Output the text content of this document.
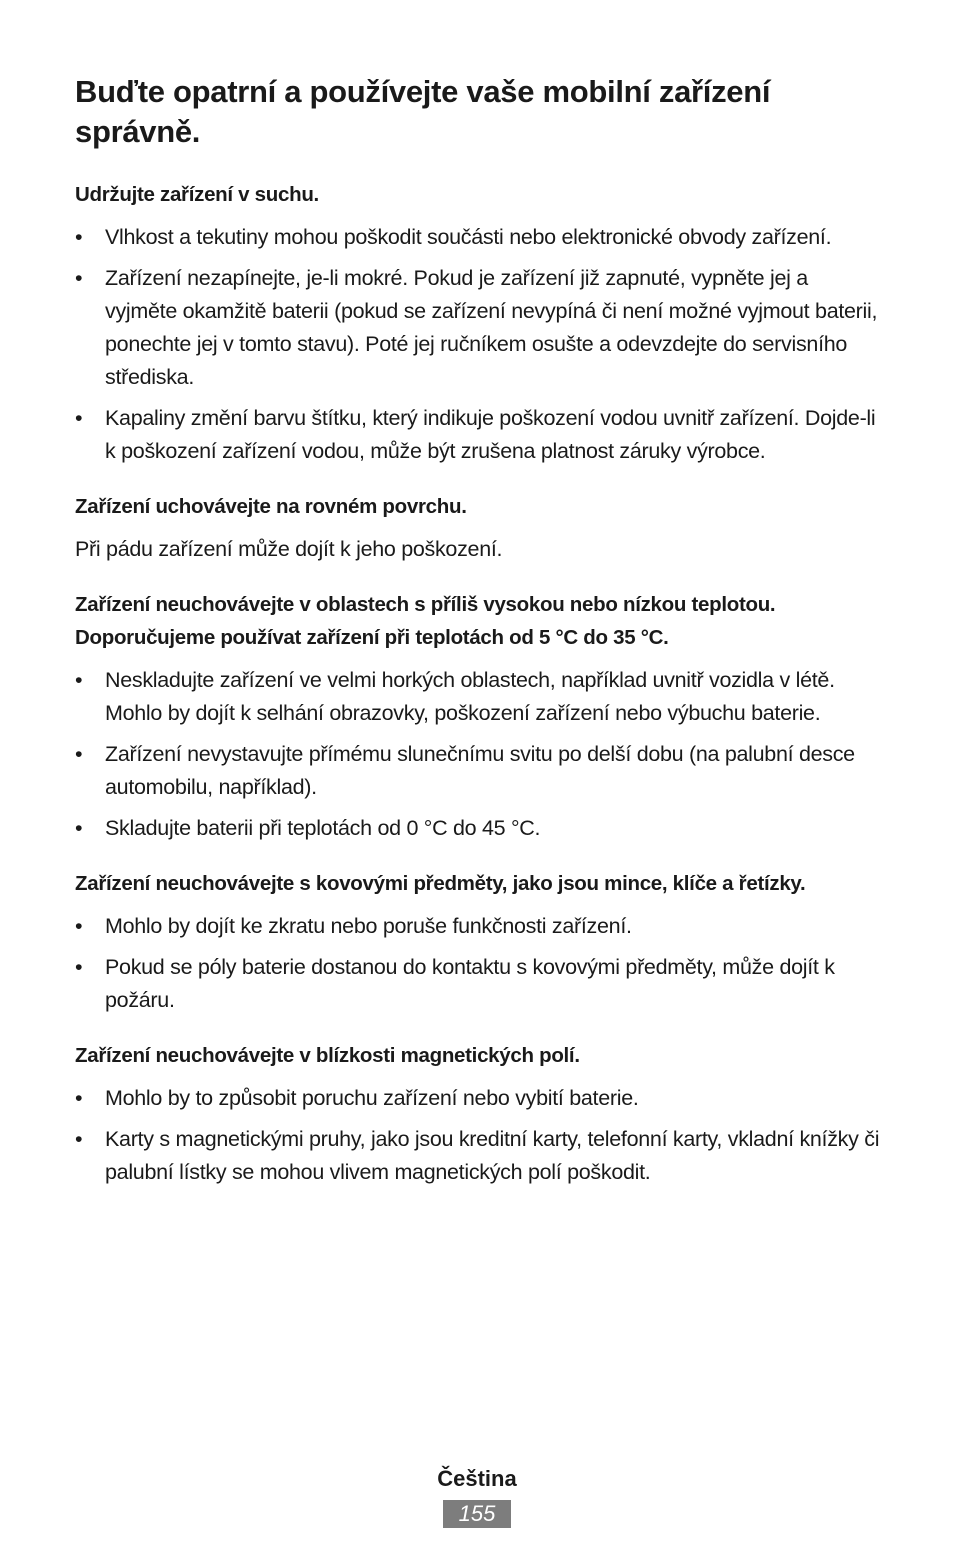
Buďte opatrní a používejte vaše mobilní zařízení správně.

Udržujte zařízení v suchu.

•	Vlhkost a tekutiny mohou poškodit součásti nebo elektronické obvody zařízení.
•	Zařízení nezapínejte, je-li mokré. Pokud je zařízení již zapnuté, vypněte jej a vyjměte okamžitě baterii (pokud se zařízení nevypíná či není možné vyjmout baterii, ponechte jej v tomto stavu). Poté jej ručníkem osušte a odevzdejte do servisního střediska.
•	Kapaliny změní barvu štítku, který indikuje poškození vodou uvnitř zařízení. Dojde-li k poškození zařízení vodou, může být zrušena platnost záruky výrobce.

Zařízení uchovávejte na rovném povrchu.

Při pádu zařízení může dojít k jeho poškození.

Zařízení neuchovávejte v oblastech s příliš vysokou nebo nízkou teplotou. Doporučujeme používat zařízení při teplotách od 5 °C do 35 °C.

•	Neskladujte zařízení ve velmi horkých oblastech, například uvnitř vozidla v létě. Mohlo by dojít k selhání obrazovky, poškození zařízení nebo výbuchu baterie.
•	Zařízení nevystavujte přímému slunečnímu svitu po delší dobu (na palubní desce automobilu, například).
•	Skladujte baterii při teplotách od 0 °C do 45 °C.

Zařízení neuchovávejte s kovovými předměty, jako jsou mince, klíče a řetízky.

•	Mohlo by dojít ke zkratu nebo poruše funkčnosti zařízení.
•	Pokud se póly baterie dostanou do kontaktu s kovovými předměty, může dojít k požáru.

Zařízení neuchovávejte v blízkosti magnetických polí.

•	Mohlo by to způsobit poruchu zařízení nebo vybití baterie.
•	Karty s magnetickými pruhy, jako jsou kreditní karty, telefonní karty, vkladní knížky či palubní lístky se mohou vlivem magnetických polí poškodit.
Čeština
155
